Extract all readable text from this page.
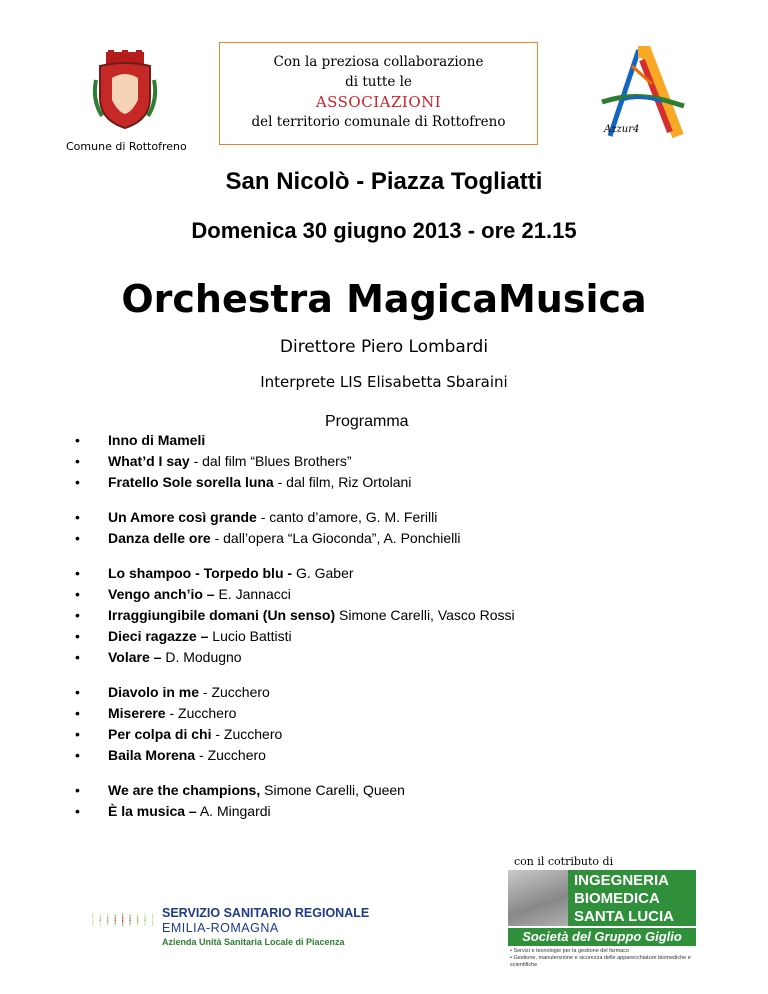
Comune di Rottofreno
Con la preziosa collaborazione
di tutte le
ASSOCIAZIONI
del territorio comunale di Rottofreno	Azzur4
San Nicolò - Piazza Togliatti
Domenica 30 giugno 2013 - ore 21.15
Orchestra MagicaMusica
Direttore Piero Lombardi
Interprete LIS Elisabetta Sbaraini
Programma
• Inno di Mameli
• What’d I say - dal film “Blues Brothers”
• Fratello Sole sorella luna - dal film, Riz Ortolani
• Un Amore così grande - canto d’amore, G. M. Ferilli
• Danza delle ore - dall’opera “La Gioconda”, A. Ponchielli
• Lo shampoo - Torpedo blu - G. Gaber
• Vengo anch’io – E. Jannacci
• Irraggiungibile domani (Un senso) Simone Carelli, Vasco Rossi
• Dieci ragazze – Lucio Battisti
• Volare – D. Modugno
• Diavolo in me - Zucchero
• Miserere - Zucchero
• Per colpa di chi - Zucchero
• Baila Morena - Zucchero
• We are the champions, Simone Carelli, Queen
• È la musica – A. Mingardi
con il cotributo di
SERVIZIO SANITARIO REGIONALE
EMILIA-ROMAGNA
Azienda Unità Sanitaria Locale di Piacenza
INGEGNERIA
BIOMEDICA
SANTA LUCIA
Società del Gruppo Giglio
• Servizi e tecnologie per la gestione del farmaco
• Gestione, manutenzione e sicurezza delle apparecchiature biomediche e scientifiche
